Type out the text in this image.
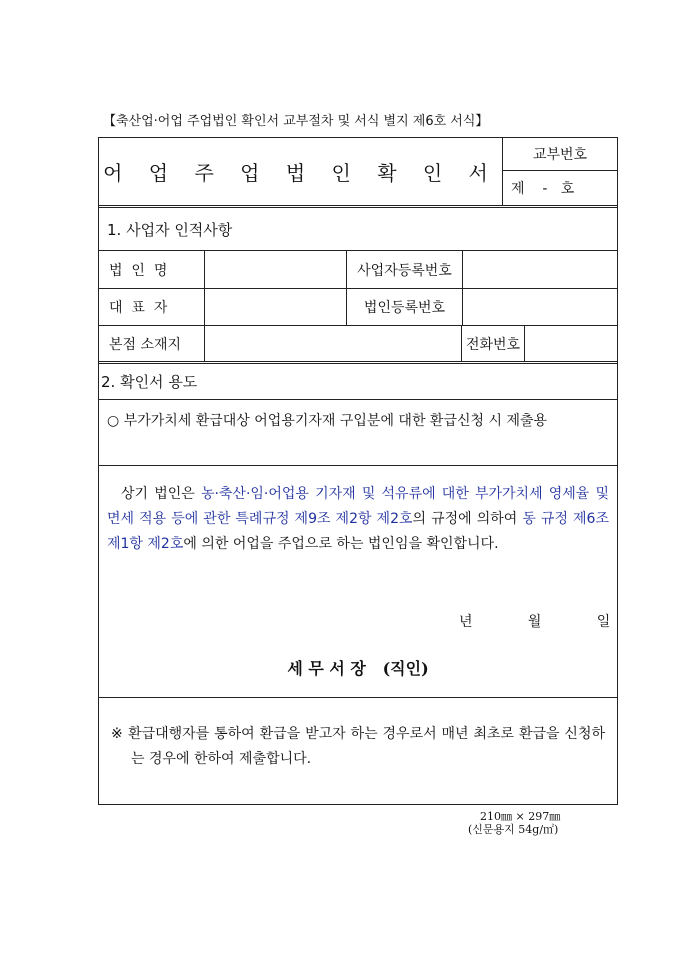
【축산업·어업 주업법인 확인서 교부절차 및 서식 별지 제6호 서식】
어 업 주 업 법 인 확 인 서
교부번호
제    -   호
1. 사업자 인적사항
법  인  명	사업자등록번호
대  표  자	법인등록번호
본점 소재지	전화번호
2. 확인서 용도
○ 부가가치세 환급대상 어업용기자재 구입분에 대한 환급신청 시 제출용
상기 법인은 농·축산·임·어업용 기자재 및 석유류에 대한 부가가치세 영세율 및 면세 적용 등에 관한 특례규정 제9조 제2항 제2호의 규정에 의하여 동 규정 제6조 제1항 제2호에 의한 어업을 주업으로 하는 법인임을 확인합니다.
년   월   일
세 무 서 장   (직인)
※ 환급대행자를 통하여 환급을 받고자 하는 경우로서 매년 최초로 환급을 신청하는 경우에 한하여 제출합니다.
210㎜ × 297㎜
(신문용지 54g/㎡)
